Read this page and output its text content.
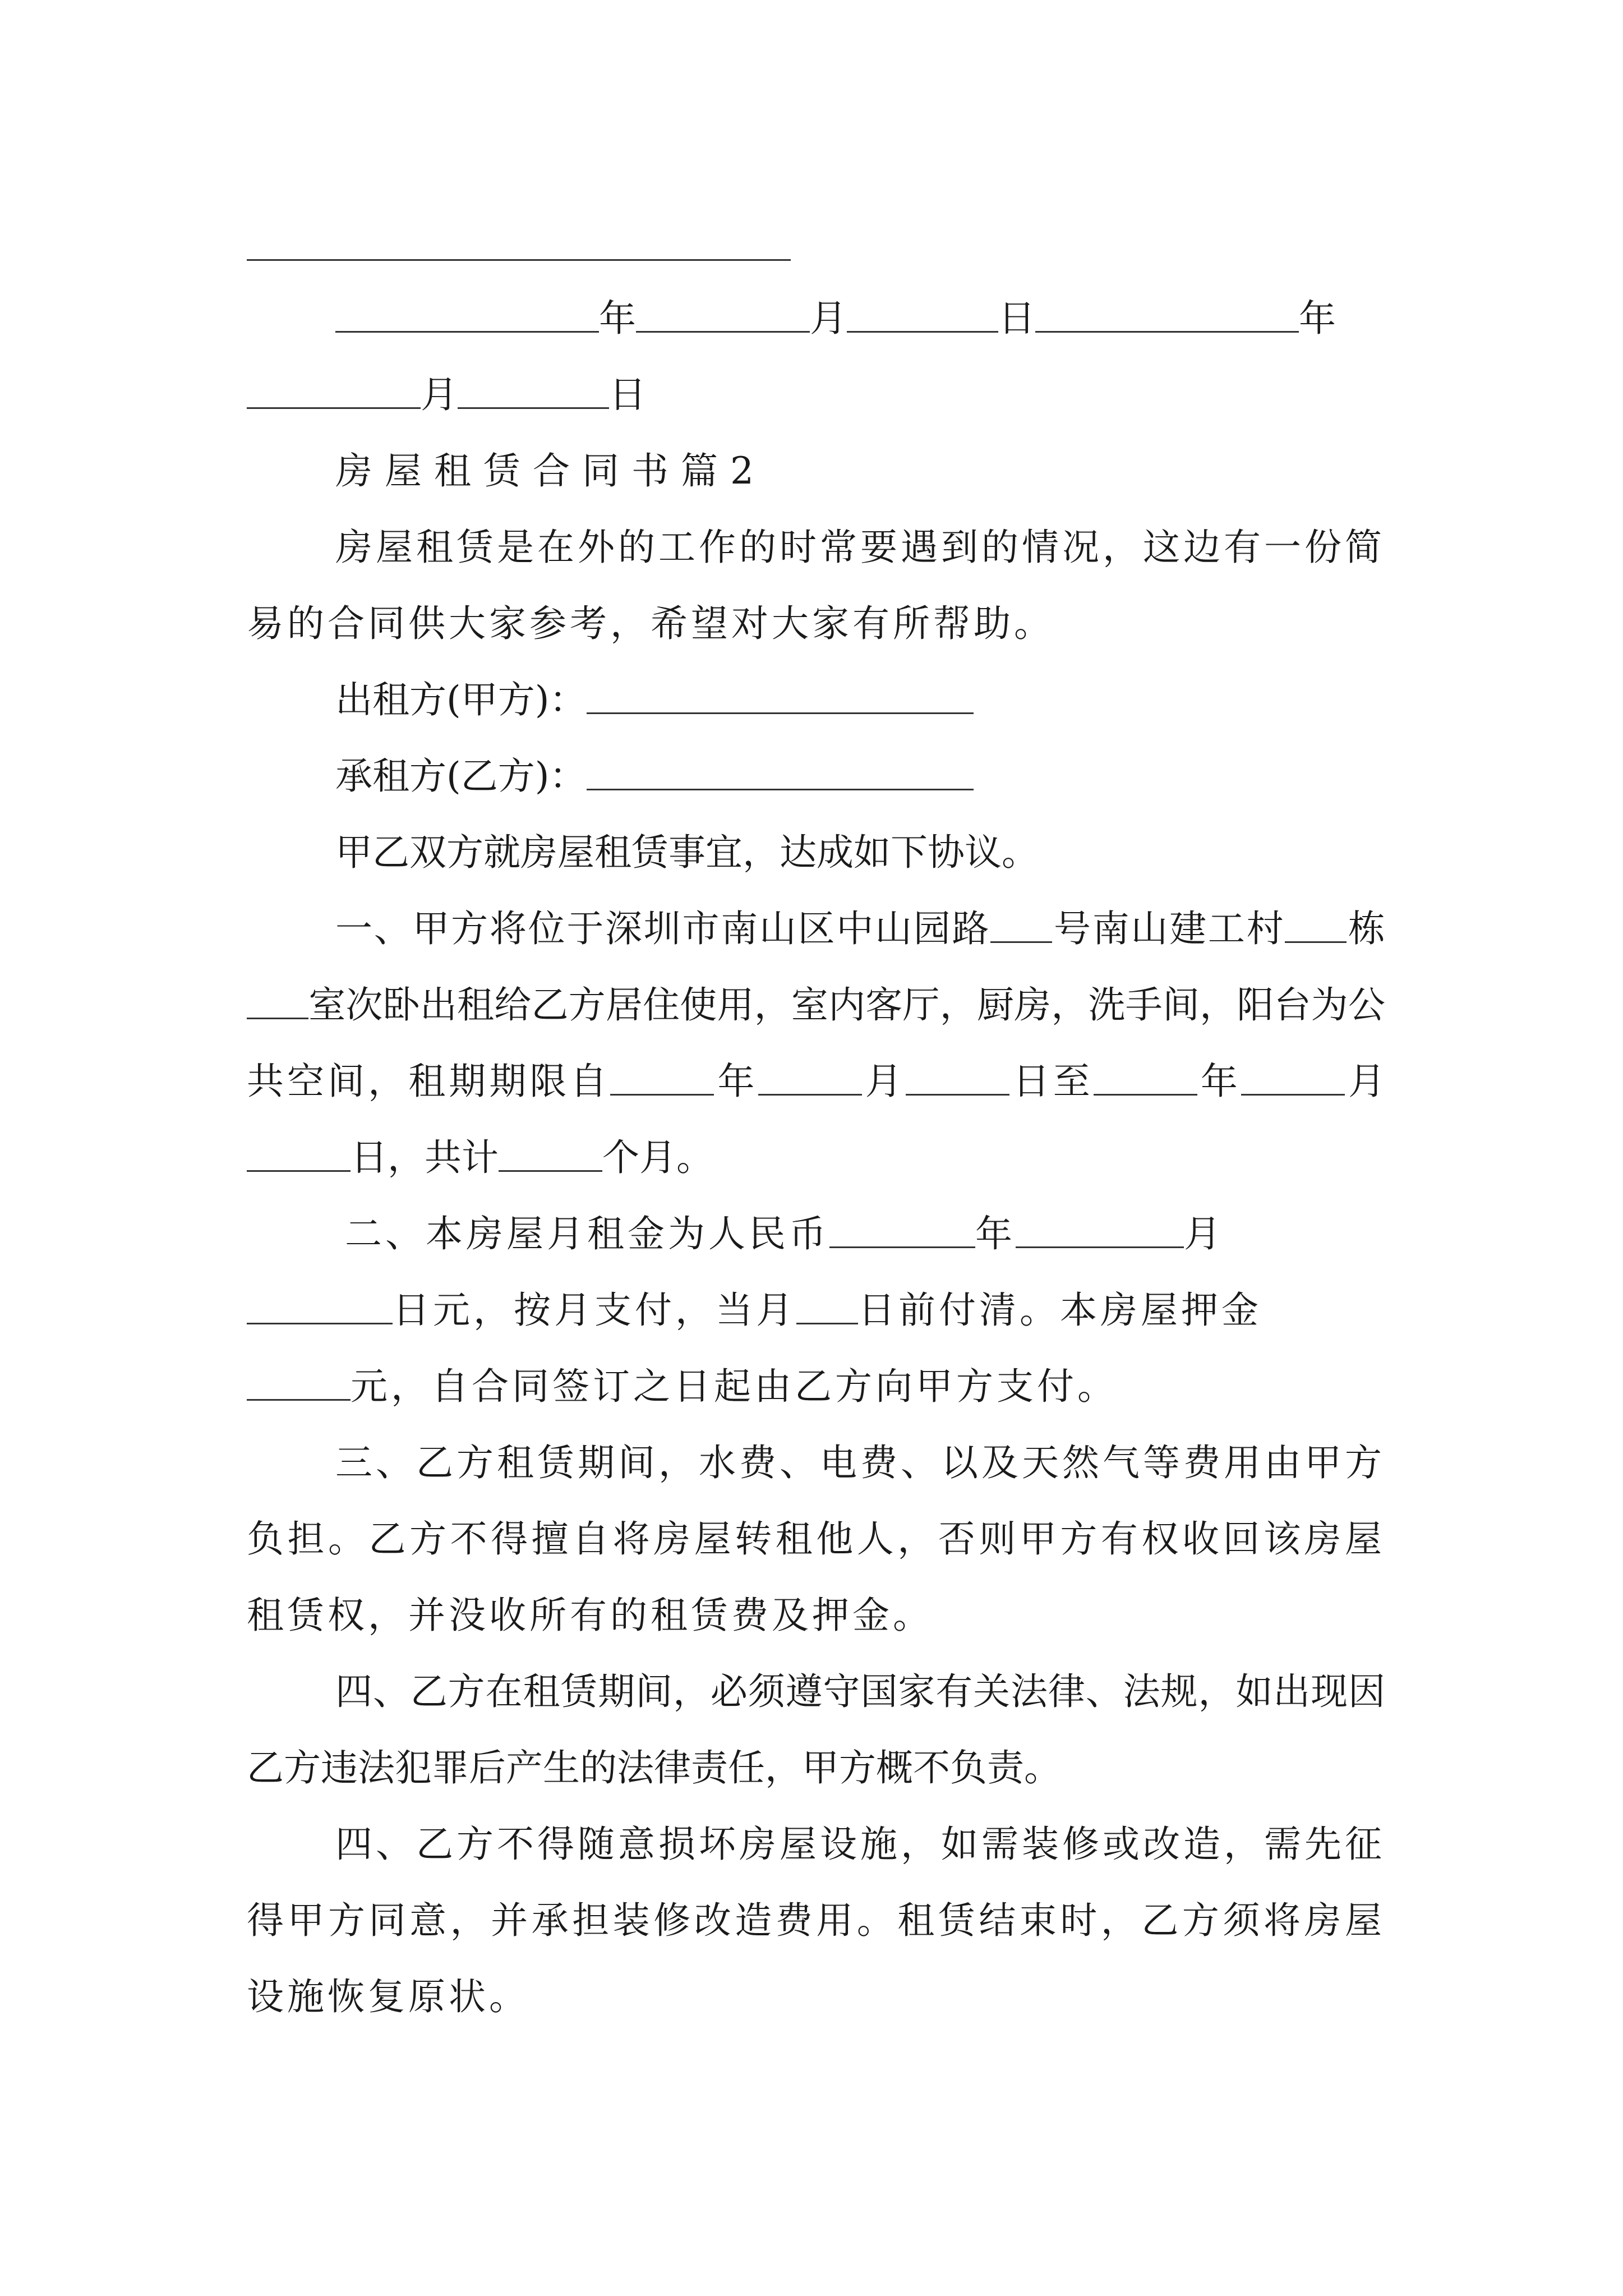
年	月	日	年
月	日

房屋租赁合同书篇2

房屋租赁是在外的工作的时常要遇到的情况，这边有一份简易的合同供大家参考，希望对大家有所帮助。

出租方(甲方)：

承租方(乙方)：

甲乙双方就房屋租赁事宜，达成如下协议。

一、甲方将位于深圳市南山区中山园路 号南山建工村 栋室次卧出租给乙方居住使用，室内客厅，厨房，洗手间，阳台为公共空间，租期期限自	年	月	日至	年	月日，共计	个月。

二、本房屋月租金为人民币	年	月
日元，按月支付，当月 日前付清。本房屋押金
元，自合同签订之日起由乙方向甲方支付。

三、乙方租赁期间，水费、电费、以及天然气等费用由甲方负担。乙方不得擅自将房屋转租他人，否则甲方有权收回该房屋租赁权，并没收所有的租赁费及押金。

四、乙方在租赁期间，必须遵守国家有关法律、法规，如出现因乙方违法犯罪后产生的法律责任，甲方概不负责。

四、乙方不得随意损坏房屋设施，如需装修或改造，需先征得甲方同意，并承担装修改造费用。租赁结束时，乙方须将房屋设施恢复原状。
